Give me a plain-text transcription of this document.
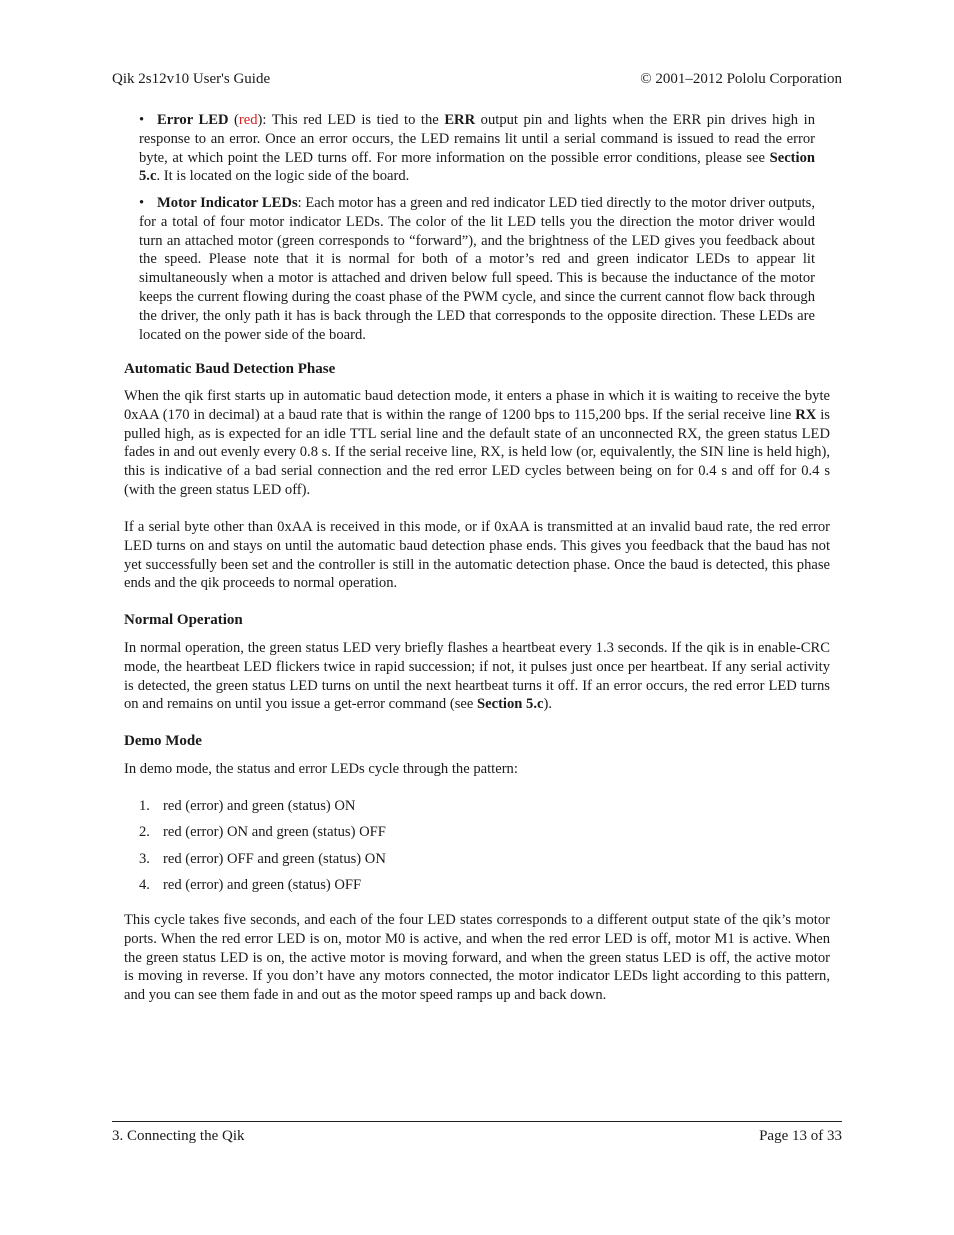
Qik 2s12v10 User's Guide	© 2001–2012 Pololu Corporation

• Error LED (red): This red LED is tied to the ERR output pin and lights when the ERR pin drives high in response to an error. Once an error occurs, the LED remains lit until a serial command is issued to read the error byte, at which point the LED turns off. For more information on the possible error conditions, please see Section 5.c. It is located on the logic side of the board.

• Motor Indicator LEDs: Each motor has a green and red indicator LED tied directly to the motor driver outputs, for a total of four motor indicator LEDs. The color of the lit LED tells you the direction the motor driver would turn an attached motor (green corresponds to “forward”), and the brightness of the LED gives you feedback about the speed. Please note that it is normal for both of a motor’s red and green indicator LEDs to appear lit simultaneously when a motor is attached and driven below full speed. This is because the inductance of the motor keeps the current flowing during the coast phase of the PWM cycle, and since the current cannot flow back through the driver, the only path it has is back through the LED that corresponds to the opposite direction. These LEDs are located on the power side of the board.

Automatic Baud Detection Phase

When the qik first starts up in automatic baud detection mode, it enters a phase in which it is waiting to receive the byte 0xAA (170 in decimal) at a baud rate that is within the range of 1200 bps to 115,200 bps. If the serial receive line RX is pulled high, as is expected for an idle TTL serial line and the default state of an unconnected RX, the green status LED fades in and out evenly every 0.8 s. If the serial receive line, RX, is held low (or, equivalently, the SIN line is held high), this is indicative of a bad serial connection and the red error LED cycles between being on for 0.4 s and off for 0.4 s (with the green status LED off).

If a serial byte other than 0xAA is received in this mode, or if 0xAA is transmitted at an invalid baud rate, the red error LED turns on and stays on until the automatic baud detection phase ends. This gives you feedback that the baud has not yet successfully been set and the controller is still in the automatic detection phase. Once the baud is detected, this phase ends and the qik proceeds to normal operation.

Normal Operation

In normal operation, the green status LED very briefly flashes a heartbeat every 1.3 seconds. If the qik is in enable-CRC mode, the heartbeat LED flickers twice in rapid succession; if not, it pulses just once per heartbeat. If any serial activity is detected, the green status LED turns on until the next heartbeat turns it off. If an error occurs, the red error LED turns on and remains on until you issue a get-error command (see Section 5.c).

Demo Mode
In demo mode, the status and error LEDs cycle through the pattern:
1. red (error) and green (status) ON
2. red (error) ON and green (status) OFF
3. red (error) OFF and green (status) ON
4. red (error) and green (status) OFF

This cycle takes five seconds, and each of the four LED states corresponds to a different output state of the qik’s motor ports. When the red error LED is on, motor M0 is active, and when the red error LED is off, motor M1 is active. When the green status LED is on, the active motor is moving forward, and when the green status LED is off, the active motor is moving in reverse. If you don’t have any motors connected, the motor indicator LEDs light according to this pattern, and you can see them fade in and out as the motor speed ramps up and back down.

3. Connecting the Qik	Page 13 of 33
